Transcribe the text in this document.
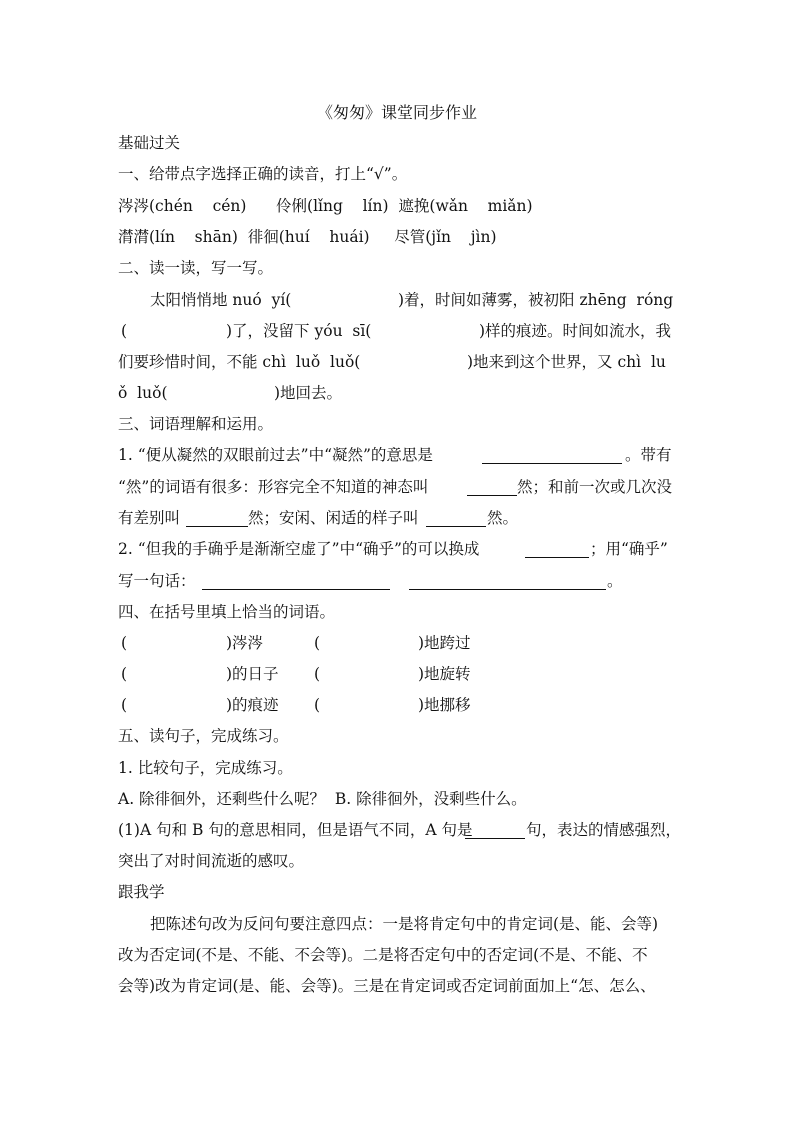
《匆匆》课堂同步作业
基础过关
一、给带点字选择正确的读音，打上“√”。
涔涔(chén    cén)      伶俐(lǐng    lín)  遮挽(wǎn    miǎn)
潸潸(lín    shān)  徘徊(huí    huái)     尽管(jǐn    jìn)
二、读一读，写一写。
太阳悄悄地 nuó  yí(	)着，时间如薄雾，被初阳 zhēng  róng
(	)了，没留下 yóu  sī(	)样的痕迹。时间如流水，我
们要珍惜时间，不能 chì  luǒ  luǒ(	)地来到这个世界，又 chì  lu
ǒ  luǒ(	)地回去。
三、词语理解和运用。
1. “便从凝然的双眼前过去”中“凝然”的意思是	。带有
“然”的词语有很多：形容完全不知道的神态叫	然；和前一次或几次没
有差别叫	然；安闲、闲适的样子叫	然。
2. “但我的手确乎是渐渐空虚了”中“确乎”的可以换成	；用“确乎”
写一句话：	。
四、在括号里填上恰当的词语。
(	)涔涔	(	)地跨过
(	)的日子 (	)地旋转
(	)的痕迹 (	)地挪移
五、读句子，完成练习。
1. 比较句子，完成练习。
A. 除徘徊外，还剩些什么呢？  B. 除徘徊外，没剩些什么。
(1)A 句和 B 句的意思相同，但是语气不同，A 句是	句，表达的情感强烈，
突出了对时间流逝的感叹。
跟我学
把陈述句改为反问句要注意四点：一是将肯定句中的肯定词(是、能、会等)
改为否定词(不是、不能、不会等)。二是将否定句中的否定词(不是、不能、不
会等)改为肯定词(是、能、会等)。三是在肯定词或否定词前面加上“怎、怎么、
